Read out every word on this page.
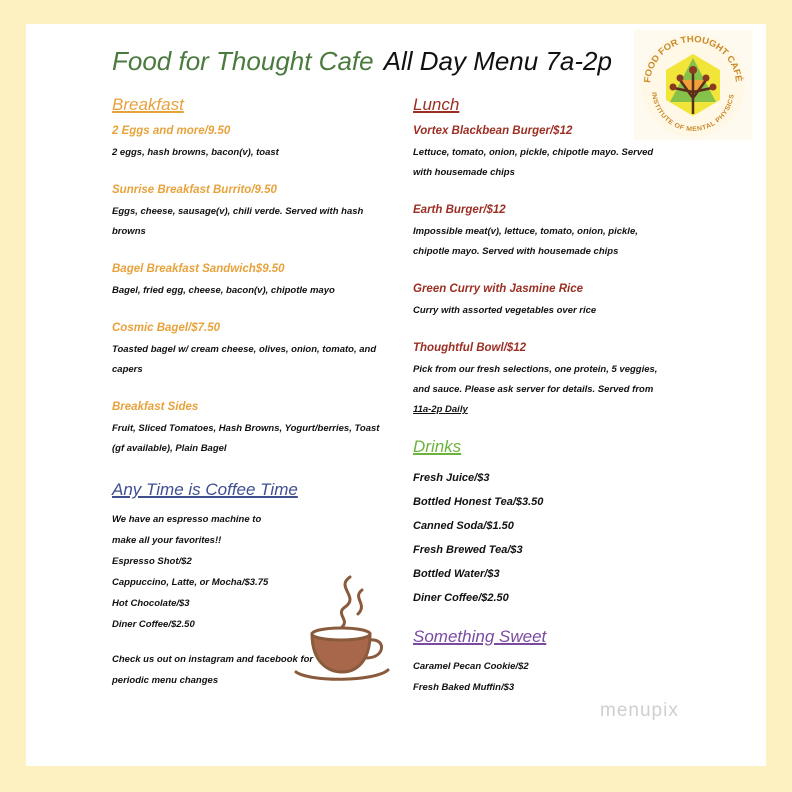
Food for Thought Cafe All Day Menu 7a-2p
FOOD FOR THOUGHT CAFÉ
INSTITUTE OF MENTAL PHYSICS
Breakfast
2 Eggs and more/9.50
2 eggs, hash browns, bacon(v), toast
Sunrise Breakfast Burrito/9.50
Eggs, cheese, sausage(v), chili verde. Served with hash browns
Bagel Breakfast Sandwich$9.50
Bagel, fried egg, cheese, bacon(v), chipotle mayo
Cosmic Bagel/$7.50
Toasted bagel w/ cream cheese, olives, onion, tomato, and capers
Breakfast Sides
Fruit, Sliced Tomatoes, Hash Browns, Yogurt/berries, Toast (gf available), Plain Bagel
Any Time is Coffee Time
We have an espresso machine to make all your favorites!!
Espresso Shot/$2
Cappuccino, Latte, or Mocha/$3.75
Hot Chocolate/$3
Diner Coffee/$2.50
Check us out on instagram and facebook for periodic menu changes
Lunch
Vortex Blackbean Burger/$12
Lettuce, tomato, onion, pickle, chipotle mayo. Served with housemade chips
Earth Burger/$12
Impossible meat(v), lettuce, tomato, onion, pickle, chipotle mayo. Served with housemade chips
Green Curry with Jasmine Rice
Curry with assorted vegetables over rice
Thoughtful Bowl/$12
Pick from our fresh selections, one protein, 5 veggies, and sauce. Please ask server for details. Served from
11a-2p Daily
Drinks
Fresh Juice/$3
Bottled Honest Tea/$3.50
Canned Soda/$1.50
Fresh Brewed Tea/$3
Bottled Water/$3
Diner Coffee/$2.50
Something Sweet
Caramel Pecan Cookie/$2
Fresh Baked Muffin/$3
menupix
